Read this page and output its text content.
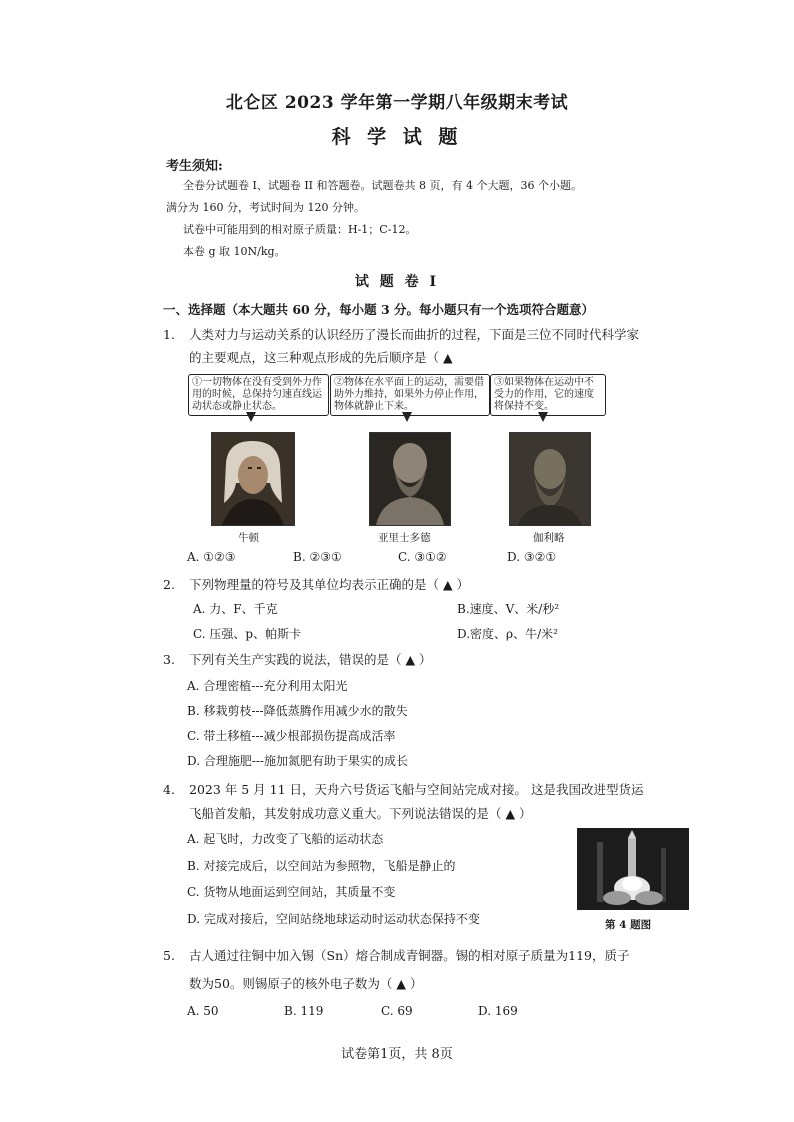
北仑区 2023 学年第一学期八年级期末考试
科 学 试 题
考生须知:
全卷分试题卷 I、试题卷 II 和答题卷。试题卷共 8 页，有 4 个大题，36 个小题。
满分为 160 分，考试时间为 120 分钟。
试卷中可能用到的相对原子质量：H-1；C-12。
本卷 g 取 10N/kg。
试 题 卷 I
一、选择题（本大题共 60 分，每小题 3 分。每小题只有一个选项符合题意）
1. 人类对力与运动关系的认识经历了漫长而曲折的过程，下面是三位不同时代科学家
的主要观点，这三种观点形成的先后顺序是（ ▲
①一切物体在没有受到外力作用的时候，总保持匀速直线运动状态或静止状态。
②物体在水平面上的运动，需要借助外力维持，如果外力停止作用，物体就静止下来。
③如果物体在运动中不受力的作用，它的速度将保持不变。
牛顿	亚里士多德	伽利略
A. ①②③	B. ②③①	C. ③①②	D. ③②①
2. 下列物理量的符号及其单位均表示正确的是（ ▲ ）
A. 力、F、千克	B.速度、V、米/秒²
C. 压强、p、帕斯卡	D.密度、ρ、牛/米²
3. 下列有关生产实践的说法，错误的是（ ▲ ）
A. 合理密植---充分利用太阳光
B. 移栽剪枝---降低蒸腾作用减少水的散失
C. 带土移植---减少根部损伤提高成活率
D. 合理施肥---施加氮肥有助于果实的成长
4. 2023 年 5 月 11 日，天舟六号货运飞船与空间站完成对接。 这是我国改进型货运
飞船首发船，其发射成功意义重大。下列说法错误的是（ ▲ ）
A. 起飞时，力改变了飞船的运动状态
B. 对接完成后，以空间站为参照物，飞船是静止的
C. 货物从地面运到空间站，其质量不变
D. 完成对接后，空间站绕地球运动时运动状态保持不变	第 4 题图
5. 古人通过往铜中加入锡（Sn）熔合制成青铜器。锡的相对原子质量为119，质子
数为50。则锡原子的核外电子数为（ ▲ ）
A. 50	B. 119	C. 69	D. 169
试卷第1页，共 8页
